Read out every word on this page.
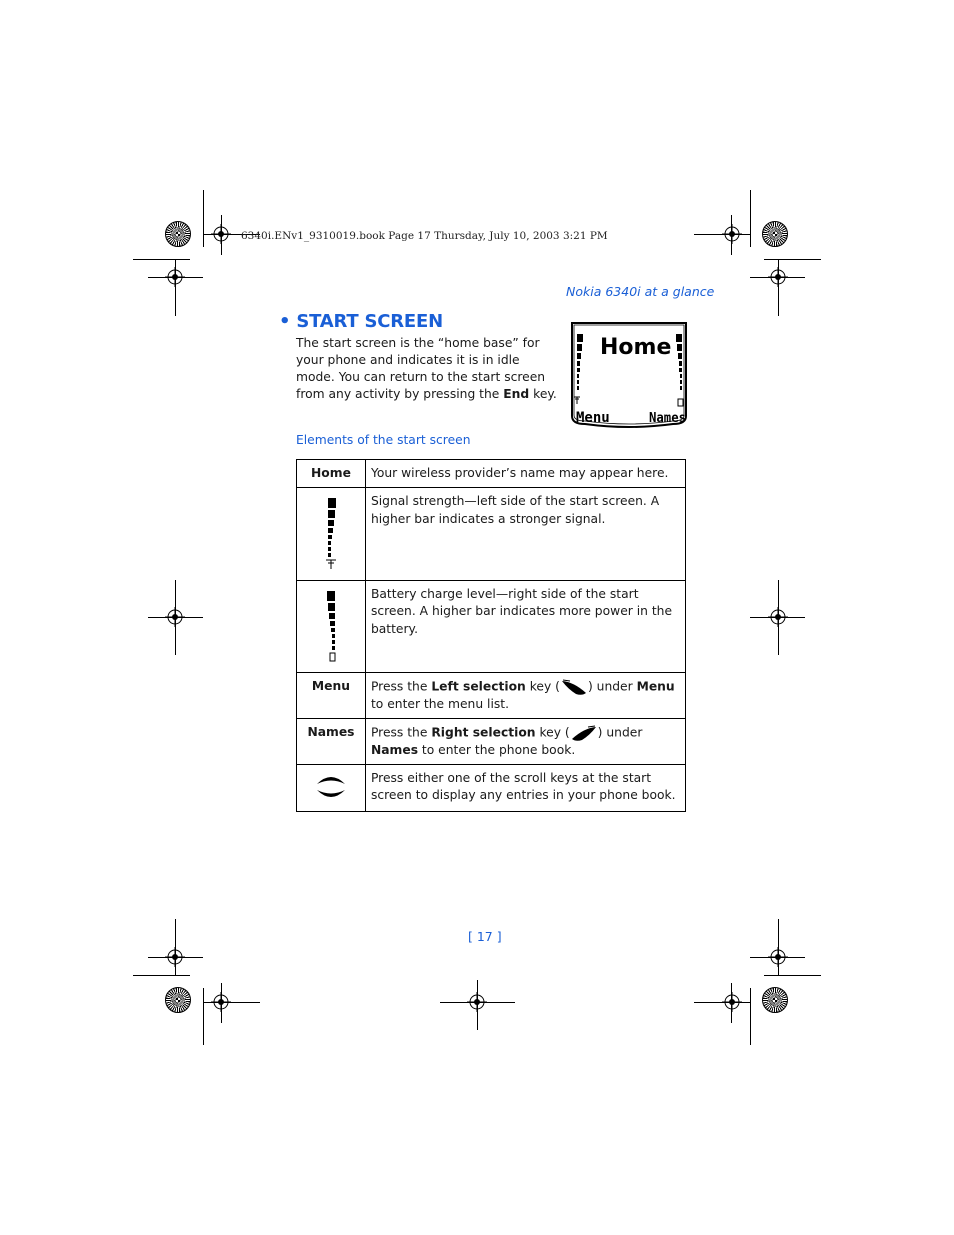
6340i.ENv1_9310019.book Page 17 Thursday, July 10, 2003 3:21 PM
Nokia 6340i at a glance
• START SCREEN
The start screen is the “home base” for your phone and indicates it is in idle mode. You can return to the start screen from any activity by pressing the End key.
Home
Menu	Names
Elements of the start screen
Home	Your wireless provider’s name may appear here.
	Signal strength—left side of the start screen. A higher bar indicates a stronger signal.
	Battery charge level—right side of the start screen. A higher bar indicates more power in the battery.
Menu	Press the Left selection key ( ) under Menu to enter the menu list.
Names	Press the Right selection key ( ) under Names to enter the phone book.
	Press either one of the scroll keys at the start screen to display any entries in your phone book.
[ 17 ]
